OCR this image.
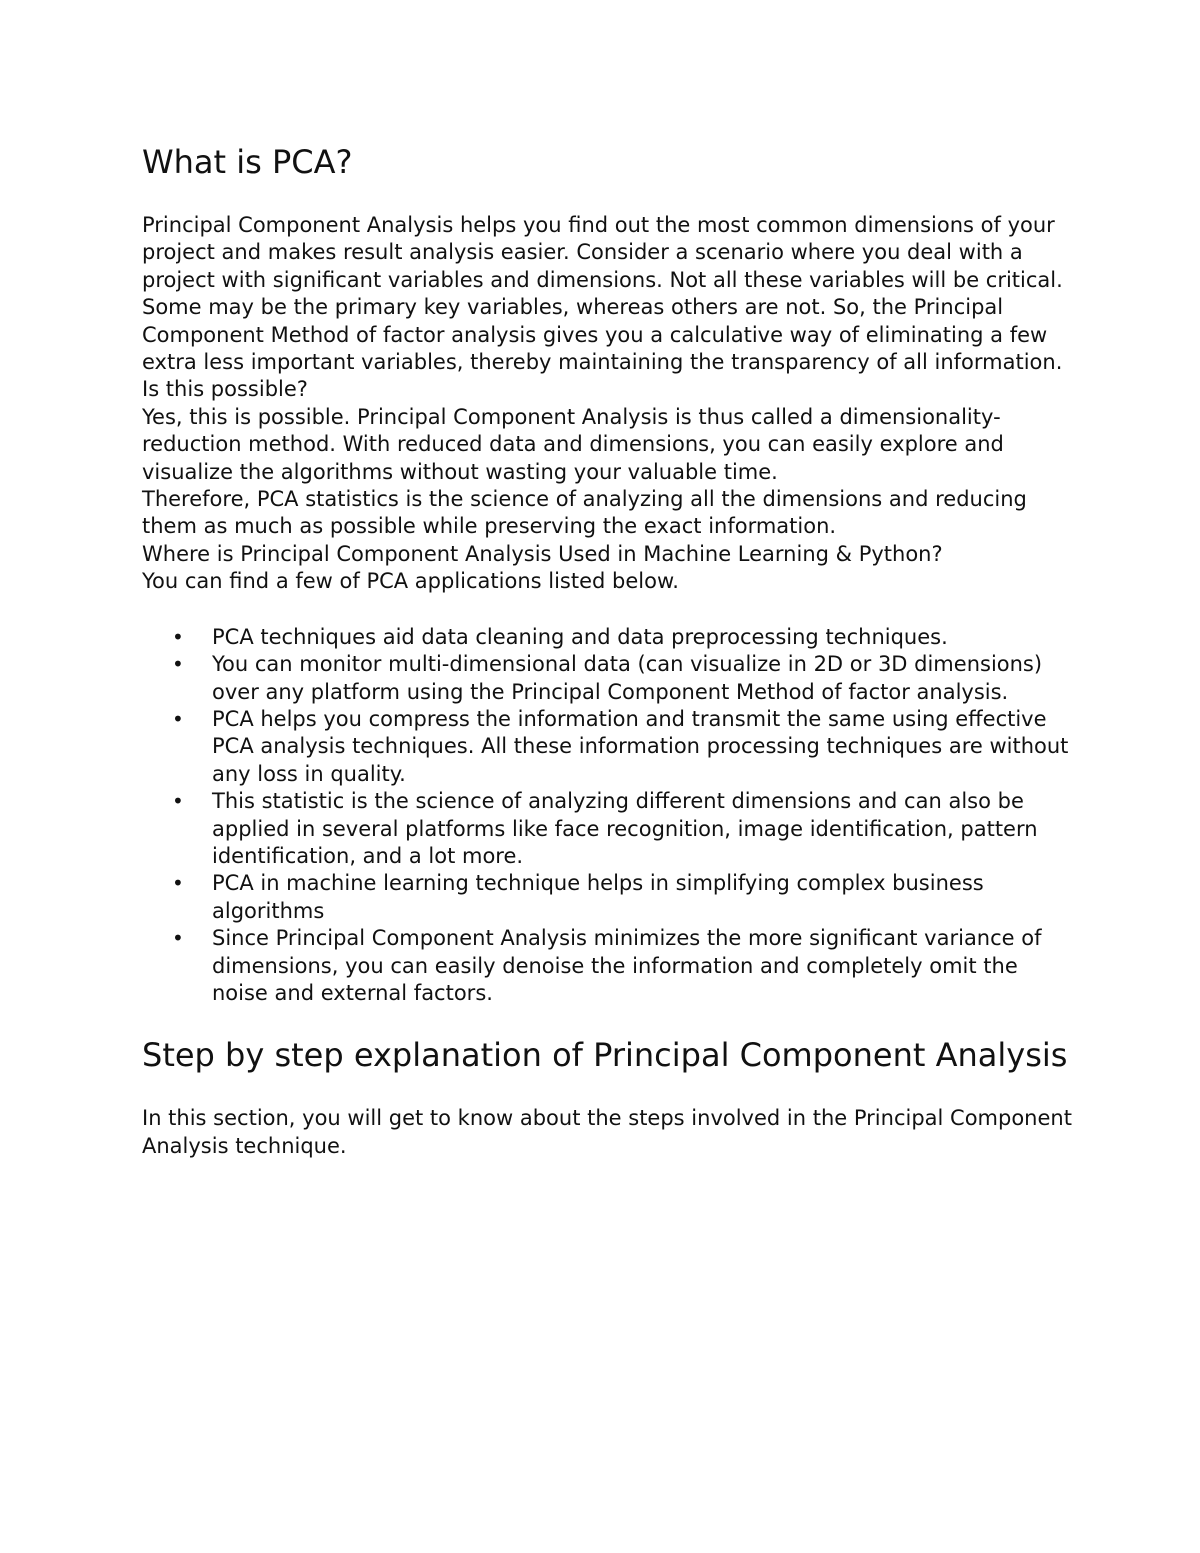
What is PCA?

Principal Component Analysis helps you find out the most common dimensions of your project and makes result analysis easier. Consider a scenario where you deal with a project with significant variables and dimensions. Not all these variables will be critical. Some may be the primary key variables, whereas others are not. So, the Principal Component Method of factor analysis gives you a calculative way of eliminating a few extra less important variables, thereby maintaining the transparency of all information.

Is this possible?

Yes, this is possible. Principal Component Analysis is thus called a dimensionality-reduction method. With reduced data and dimensions, you can easily explore and visualize the algorithms without wasting your valuable time.

Therefore, PCA statistics is the science of analyzing all the dimensions and reducing them as much as possible while preserving the exact information.

Where is Principal Component Analysis Used in Machine Learning & Python?

You can find a few of PCA applications listed below.

• PCA techniques aid data cleaning and data preprocessing techniques.
• You can monitor multi-dimensional data (can visualize in 2D or 3D dimensions) over any platform using the Principal Component Method of factor analysis.
• PCA helps you compress the information and transmit the same using effective PCA analysis techniques. All these information processing techniques are without any loss in quality.
• This statistic is the science of analyzing different dimensions and can also be applied in several platforms like face recognition, image identification, pattern identification, and a lot more.
• PCA in machine learning technique helps in simplifying complex business algorithms
• Since Principal Component Analysis minimizes the more significant variance of dimensions, you can easily denoise the information and completely omit the noise and external factors.
Step by step explanation of Principal Component Analysis

In this section, you will get to know about the steps involved in the Principal Component Analysis technique.
